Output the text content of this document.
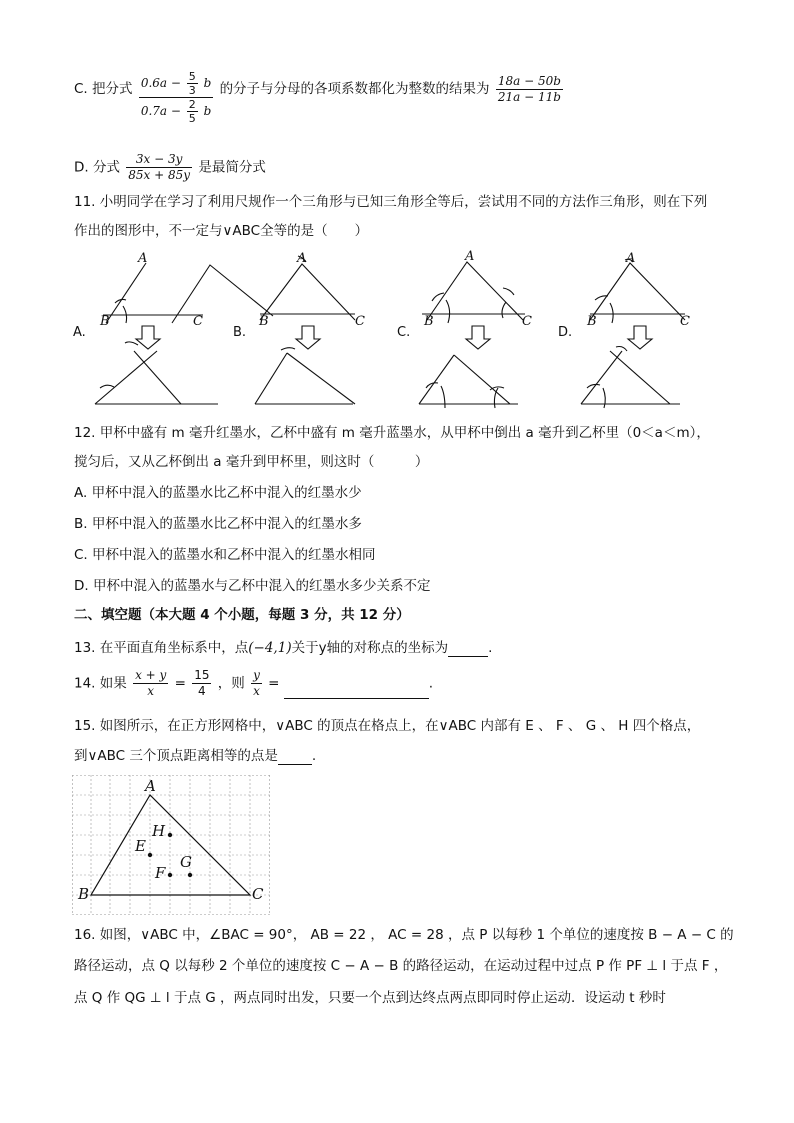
C. 把分式 $\frac{0.6a - \frac{5}{3} b}{0.7a - \frac{2}{5} b}$ 的分子与分母的各项系数都化为整数的结果为 $\frac{18a - 50b}{21a - 11b}$
D. 分式 $\frac{3x - 3y}{85x + 85y}$ 是最简分式
11. 小明同学在学习了利用尺规作一个三角形与已知三角形全等后，尝试用不同的方法作三角形，则在下列
作出的图形中，不一定与∨ABC全等的是（　　）
A
B	C
A.
A
B	C
B.
A
B	C
C.
A
B	C
D.
12. 甲杯中盛有 m 毫升红墨水，乙杯中盛有 m 毫升蓝墨水，从甲杯中倒出 a 毫升到乙杯里（0＜a＜m），
搅匀后，又从乙杯倒出 a 毫升到甲杯里，则这时（　　　）
A. 甲杯中混入的蓝墨水比乙杯中混入的红墨水少
B. 甲杯中混入的蓝墨水比乙杯中混入的红墨水多
C. 甲杯中混入的蓝墨水和乙杯中混入的红墨水相同
D. 甲杯中混入的蓝墨水与乙杯中混入的红墨水多少关系不定
二、填空题（本大题 4 个小题，每题 3 分，共 12 分）
13. 在平面直角坐标系中，点(−4,1)关于y轴的对称点的坐标为	.
14. 如果 $\frac{x + y}{x} = \frac{15}{4}$ ，则 $\frac{y}{x}$ =	.
15. 如图所示，在正方形网格中，∨ABC 的顶点在格点上，在∨ABC 内部有 E 、 F 、 G 、 H 四个格点，
到∨ABC 三个顶点距离相等的点是	.
A
B	C
H
E
F
G
16. 如图，∨ABC 中，∠BAC = 90°， AB = 22 ， AC = 28 ，点 P 以每秒 1 个单位的速度按 B − A − C 的
路径运动，点 Q 以每秒 2 个单位的速度按 C − A − B 的路径运动，在运动过程中过点 P 作 PF ⊥ l 于点 F ，
点 Q 作 QG ⊥ l 于点 G ，两点同时出发，只要一个点到达终点两点即同时停止运动．设运动 t 秒时
